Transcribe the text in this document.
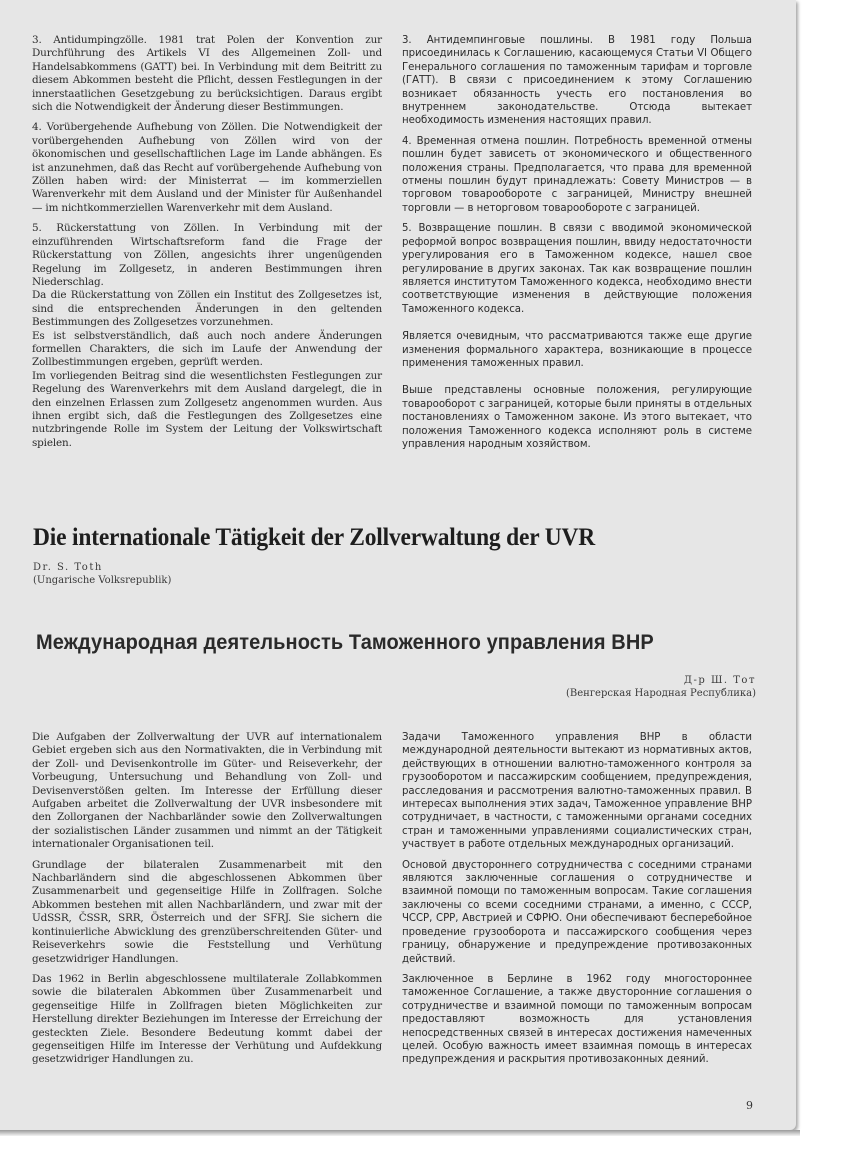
3. Antidumpingzölle. 1981 trat Polen der Konvention zur Durchführung des Artikels VI des Allgemeinen Zoll- und Handelsabkommens (GATT) bei. In Verbindung mit dem Beitritt zu diesem Abkommen besteht die Pflicht, dessen Festlegungen in der innerstaatlichen Gesetzgebung zu berücksichtigen. Daraus ergibt sich die Notwendigkeit der Änderung dieser Bestimmungen.

4. Vorübergehende Aufhebung von Zöllen. Die Notwendigkeit der vorübergehenden Aufhebung von Zöllen wird von der ökonomischen und gesellschaftlichen Lage im Lande abhängen. Es ist anzunehmen, daß das Recht auf vorübergehende Aufhebung von Zöllen haben wird: der Ministerrat — im kommerziellen Warenverkehr mit dem Ausland und der Minister für Außenhandel — im nichtkommerziellen Warenverkehr mit dem Ausland.

5. Rückerstattung von Zöllen. In Verbindung mit der einzuführenden Wirtschaftsreform fand die Frage der Rückerstattung von Zöllen, angesichts ihrer ungenügenden Regelung im Zollgesetz, in anderen Bestimmungen ihren Niederschlag.

Da die Rückerstattung von Zöllen ein Institut des Zollgesetzes ist, sind die entsprechenden Änderungen in den geltenden Bestimmungen des Zollgesetzes vorzunehmen.

Es ist selbstverständlich, daß auch noch andere Änderungen formellen Charakters, die sich im Laufe der Anwendung der Zollbestimmungen ergeben, geprüft werden.

Im vorliegenden Beitrag sind die wesentlichsten Festlegungen zur Regelung des Warenverkehrs mit dem Ausland dargelegt, die in den einzelnen Erlassen zum Zollgesetz angenommen wurden. Aus ihnen ergibt sich, daß die Festlegungen des Zollgesetzes eine nutzbringende Rolle im System der Leitung der Volkswirtschaft spielen.

3. Антидемпинговые пошлины. В 1981 году Польша присоединилась к Соглашению, касающемуся Статьи VI Общего Генерального соглашения по таможенным тарифам и торговле (ГАТТ). В связи с присоединением к этому Соглашению возникает обязанность учесть его постановления во внутреннем законодательстве. Отсюда вытекает необходимость изменения настоящих правил.

4. Временная отмена пошлин. Потребность временной отмены пошлин будет зависеть от экономического и общественного положения страны. Предполагается, что права для временной отмены пошлин будут принадлежать: Совету Министров — в торговом товарообороте с заграницей, Министру внешней торговли — в неторговом товарообороте с заграницей.

5. Возвращение пошлин. В связи с вводимой экономической реформой вопрос возвращения пошлин, ввиду недостаточности урегулирования его в Таможенном кодексе, нашел свое регулирование в других законах. Так как возвращение пошлин является институтом Таможенного кодекса, необходимо внести соответствующие изменения в действующие положения Таможенного кодекса.

Является очевидным, что рассматриваются также еще другие изменения формального характера, возникающие в процессе применения таможенных правил.

Выше представлены основные положения, регулирующие товарооборот с заграницей, которые были приняты в отдельных постановлениях о Таможенном законе. Из этого вытекает, что положения Таможенного кодекса исполняют роль в системе управления народным хозяйством.

Die internationale Tätigkeit der Zollverwaltung der UVR
Dr. S. Toth
(Ungarische Volksrepublik)
Международная деятельность Таможенного управления ВНР
Д-р Ш. Тот
(Венгерская Народная Республика)

Die Aufgaben der Zollverwaltung der UVR auf internationalem Gebiet ergeben sich aus den Normativakten, die in Verbindung mit der Zoll- und Devisenkontrolle im Güter- und Reiseverkehr, der Vorbeugung, Untersuchung und Behandlung von Zoll- und Devisenverstößen gelten. Im Interesse der Erfüllung dieser Aufgaben arbeitet die Zollverwaltung der UVR insbesondere mit den Zollorganen der Nachbarländer sowie den Zollverwaltungen der sozialistischen Länder zusammen und nimmt an der Tätigkeit internationaler Organisationen teil.

Grundlage der bilateralen Zusammenarbeit mit den Nachbarländern sind die abgeschlossenen Abkommen über Zusammenarbeit und gegenseitige Hilfe in Zollfragen. Solche Abkommen bestehen mit allen Nachbarländern, und zwar mit der UdSSR, ČSSR, SRR, Österreich und der SFRJ. Sie sichern die kontinuierliche Abwicklung des grenzüberschreitenden Güter- und Reiseverkehrs sowie die Feststellung und Verhütung gesetzwidriger Handlungen.

Das 1962 in Berlin abgeschlossene multilaterale Zollabkommen sowie die bilateralen Abkommen über Zusammenarbeit und gegenseitige Hilfe in Zollfragen bieten Möglichkeiten zur Herstellung direkter Beziehungen im Interesse der Erreichung der gesteckten Ziele. Besondere Bedeutung kommt dabei der gegenseitigen Hilfe im Interesse der Verhütung und Aufdekkung gesetzwidriger Handlungen zu.

Задачи Таможенного управления ВНР в области международной деятельности вытекают из нормативных актов, действующих в отношении валютно-таможенного контроля за грузооборотом и пассажирским сообщением, предупреждения, расследования и рассмотрения валютно-таможенных правил. В интересах выполнения этих задач, Таможенное управление ВНР сотрудничает, в частности, с таможенными органами соседних стран и таможенными управлениями социалистических стран, участвует в работе отдельных международных организаций.

Основой двустороннего сотрудничества с соседними странами являются заключенные соглашения о сотрудничестве и взаимной помощи по таможенным вопросам. Такие соглашения заключены со всеми соседними странами, а именно, с СССР, ЧССР, СРР, Австрией и СФРЮ. Они обеспечивают бесперебойное проведение грузооборота и пассажирского сообщения через границу, обнаружение и предупреждение противозаконных действий.

Заключенное в Берлине в 1962 году многостороннее таможенное Соглашение, а также двусторонние соглашения о сотрудничестве и взаимной помощи по таможенным вопросам предоставляют возможность для установления непосредственных связей в интересах достижения намеченных целей. Особую важность имеет взаимная помощь в интересах предупреждения и раскрытия противозаконных деяний.

9
